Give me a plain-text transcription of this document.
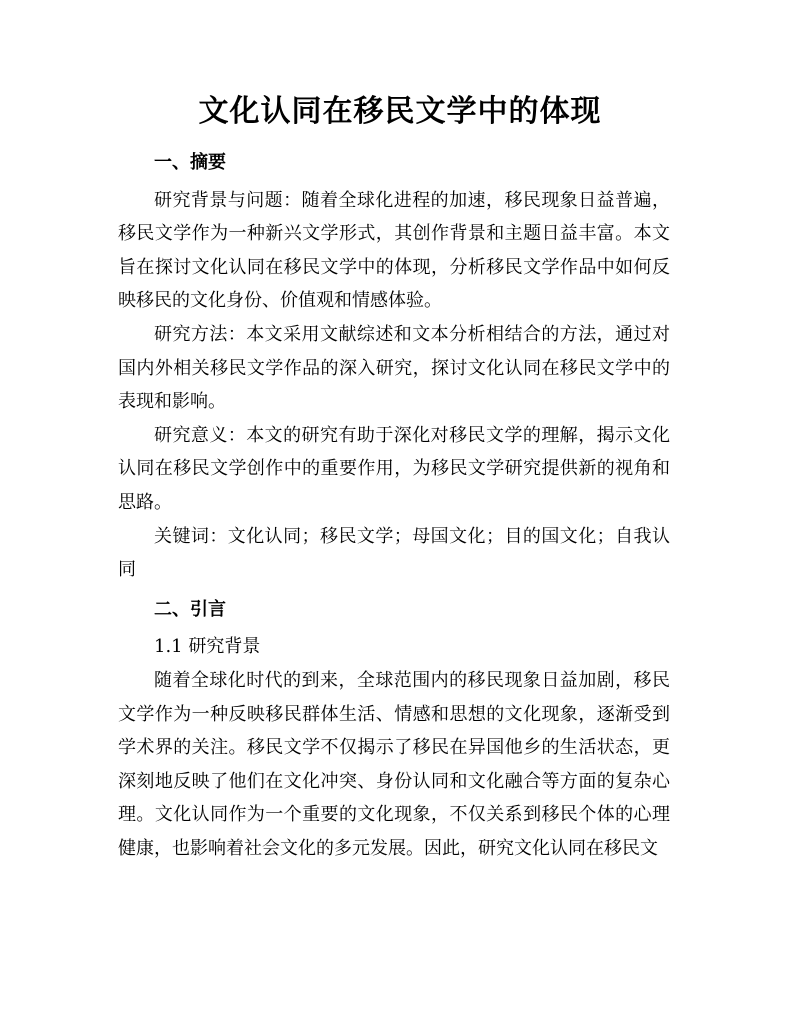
文化认同在移民文学中的体现

一、摘要

研究背景与问题：随着全球化进程的加速，移民现象日益普遍，移民文学作为一种新兴文学形式，其创作背景和主题日益丰富。本文旨在探讨文化认同在移民文学中的体现，分析移民文学作品中如何反映移民的文化身份、价值观和情感体验。

研究方法：本文采用文献综述和文本分析相结合的方法，通过对国内外相关移民文学作品的深入研究，探讨文化认同在移民文学中的表现和影响。

研究意义：本文的研究有助于深化对移民文学的理解，揭示文化认同在移民文学创作中的重要作用，为移民文学研究提供新的视角和思路。

关键词：文化认同；移民文学；母国文化；目的国文化；自我认同

二、引言

1.1 研究背景

随着全球化时代的到来，全球范围内的移民现象日益加剧，移民文学作为一种反映移民群体生活、情感和思想的文化现象，逐渐受到学术界的关注。移民文学不仅揭示了移民在异国他乡的生活状态，更深刻地反映了他们在文化冲突、身份认同和文化融合等方面的复杂心理。文化认同作为一个重要的文化现象，不仅关系到移民个体的心理健康，也影响着社会文化的多元发展。因此，研究文化认同在移民文
